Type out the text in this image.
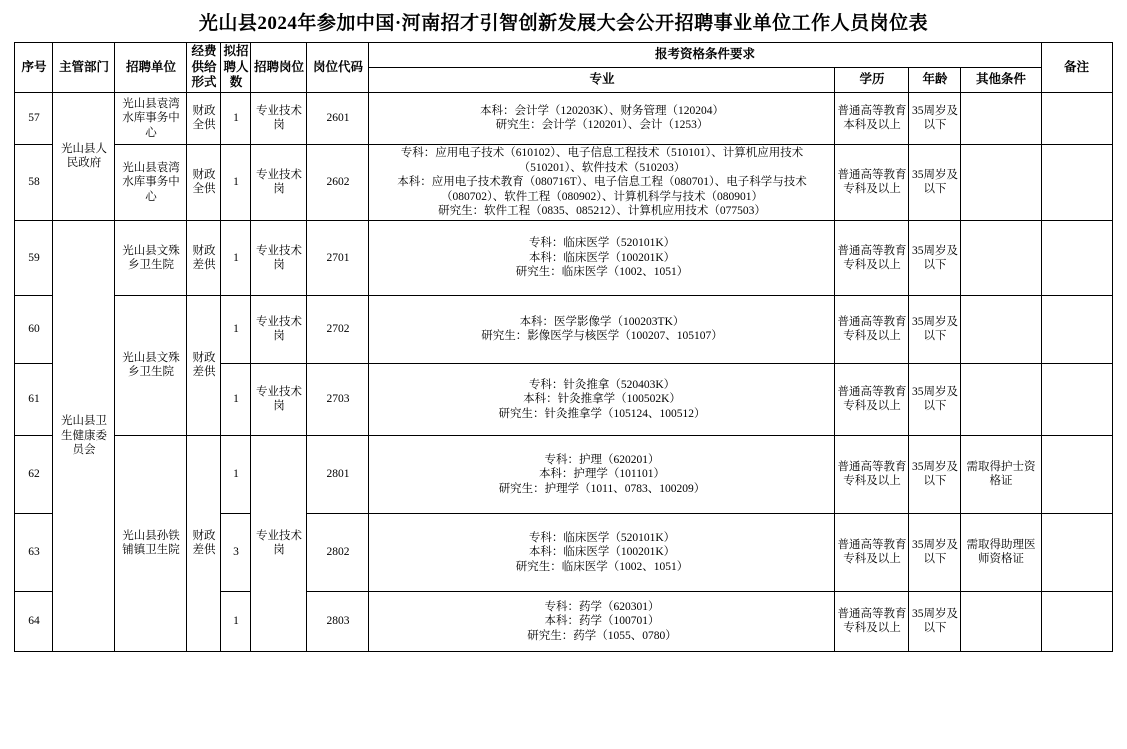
光山县2024年参加中国·河南招才引智创新发展大会公开招聘事业单位工作人员岗位表
序号	主管部门	招聘单位	经费供给形式	拟招聘人数	招聘岗位	岗位代码	报考资格条件要求				备注
							专业	学历	年龄	其他条件	
57	光山县人民政府	光山县袁湾水库事务中心	财政全供	1	专业技术岗	2601	本科：会计学（120203K）、财务管理（120204）
研究生：会计学（120201）、会计（1253）	普通高等教育本科及以上	35周岁及以下		
58		光山县袁湾水库事务中心	财政全供	1	专业技术岗	2602	专科：应用电子技术（610102）、电子信息工程技术（510101）、计算机应用技术（510201）、软件技术（510203）
本科：应用电子技术教育（080716T）、电子信息工程（080701）、电子科学与技术（080702）、软件工程（080902）、计算机科学与技术（080901）
研究生：软件工程（0835、085212）、计算机应用技术（077503）	普通高等教育专科及以上	35周岁及以下		
59	光山县卫生健康委员会	光山县文殊乡卫生院	财政差供	1	专业技术岗	2701	专科：临床医学（520101K）
本科：临床医学（100201K）
研究生：临床医学（1002、1051）	普通高等教育专科及以上	35周岁及以下		
60		光山县文殊乡卫生院	财政差供	1	专业技术岗	2702	本科：医学影像学（100203TK）
研究生：影像医学与核医学（100207、105107）	普通高等教育专科及以上	35周岁及以下		
61				1	专业技术岗	2703	专科：针灸推拿（520403K）
本科：针灸推拿学（100502K）
研究生：针灸推拿学（105124、100512）	普通高等教育专科及以上	35周岁及以下		
62		光山县孙铁铺镇卫生院	财政差供	1	专业技术岗	2801	专科：护理（620201）
本科：护理学（101101）
研究生：护理学（1011、0783、100209）	普通高等教育专科及以上	35周岁及以下	需取得护士资格证	
63				3		2802	专科：临床医学（520101K）
本科：临床医学（100201K）
研究生：临床医学（1002、1051）	普通高等教育专科及以上	35周岁及以下	需取得助理医师资格证	
64				1		2803	专科：药学（620301）
本科：药学（100701）
研究生：药学（1055、0780）	普通高等教育专科及以上	35周岁及以下		
